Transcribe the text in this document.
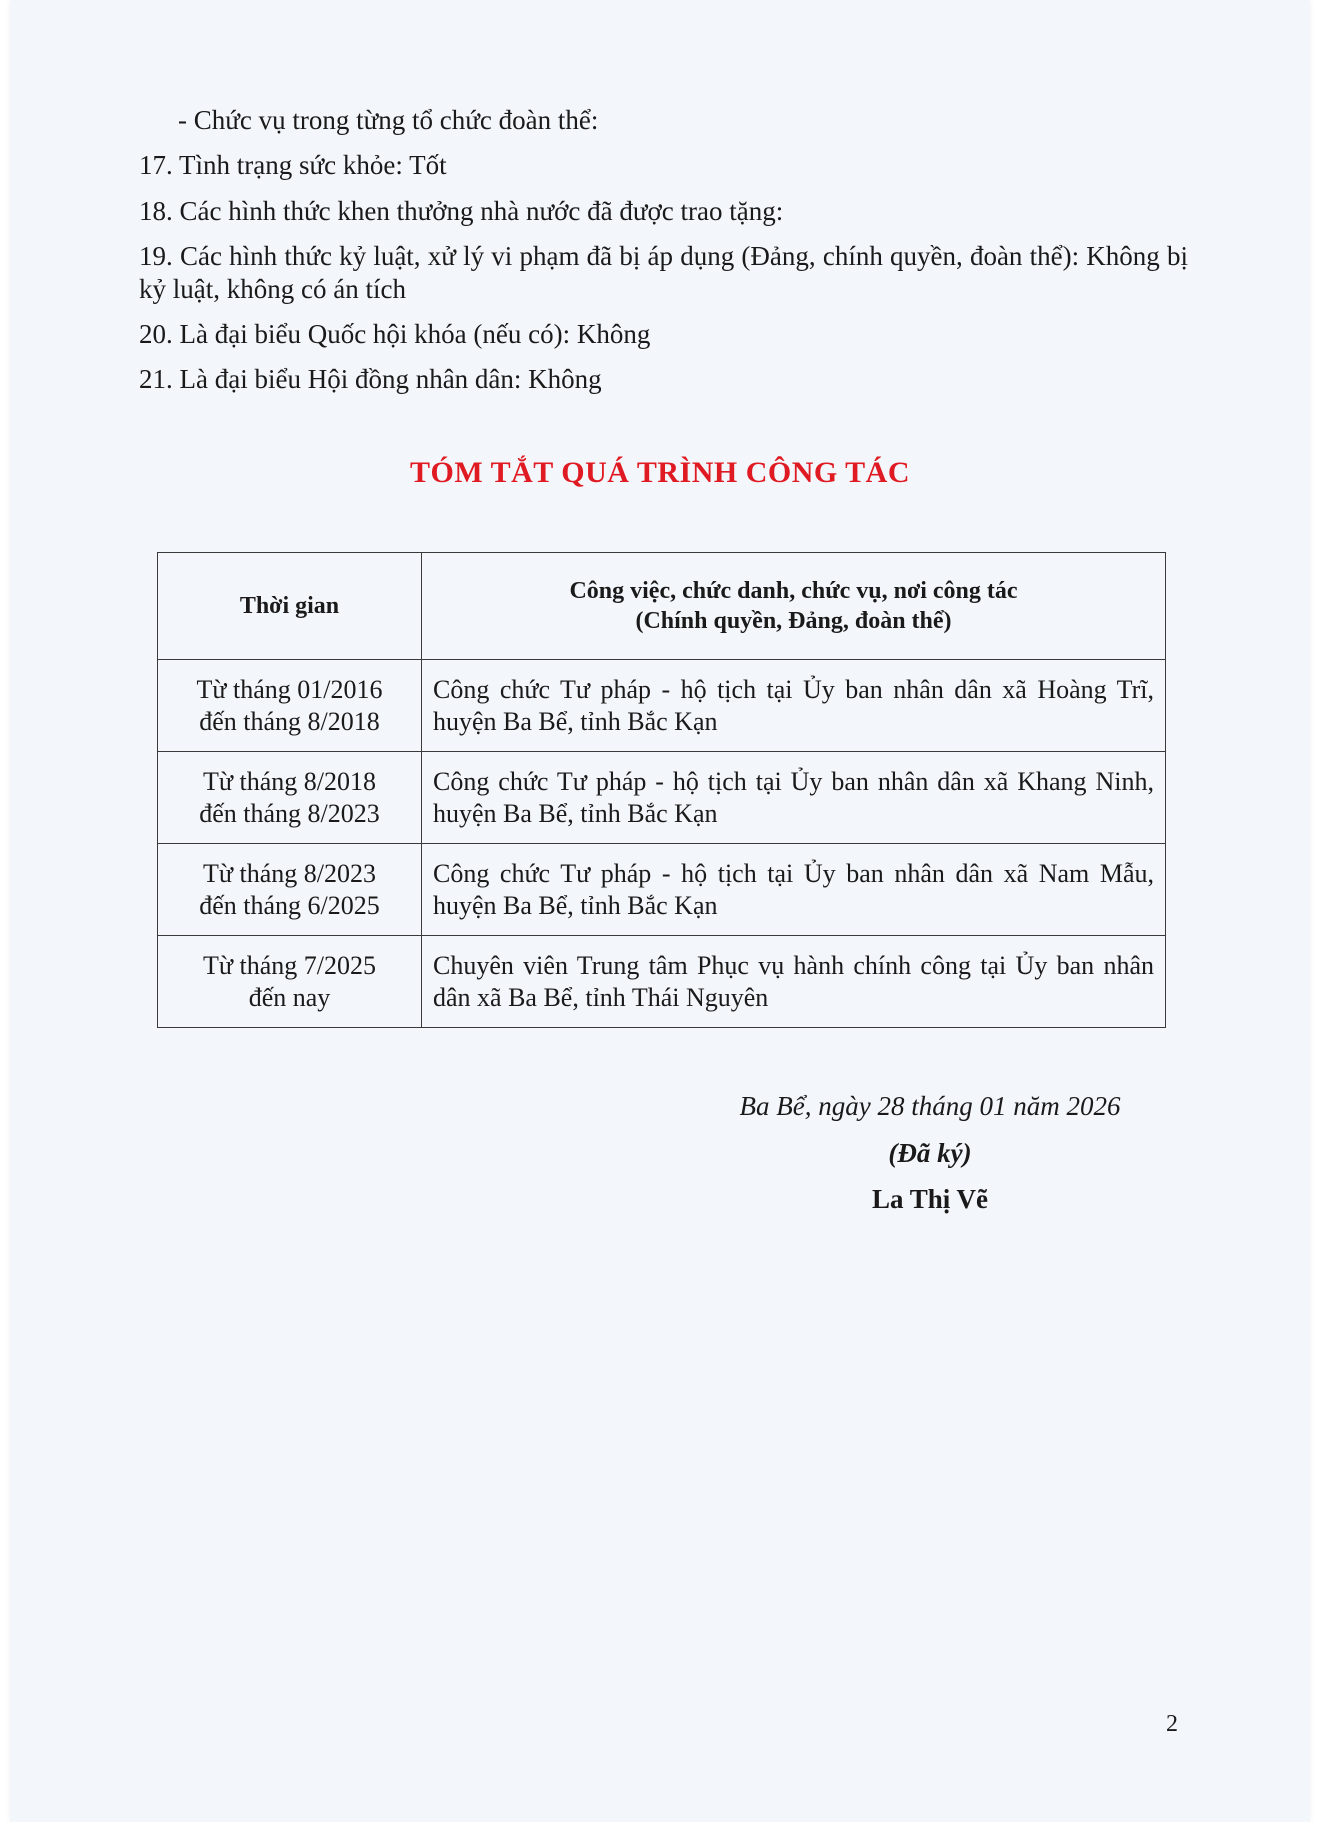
- Chức vụ trong từng tổ chức đoàn thể:

17. Tình trạng sức khỏe: Tốt

18. Các hình thức khen thưởng nhà nước đã được trao tặng:

19. Các hình thức kỷ luật, xử lý vi phạm đã bị áp dụng (Đảng, chính quyền, đoàn thể): Không bị kỷ luật, không có án tích

20. Là đại biểu Quốc hội khóa (nếu có): Không

21. Là đại biểu Hội đồng nhân dân: Không

TÓM TẮT QUÁ TRÌNH CÔNG TÁC
Thời gian	Công việc, chức danh, chức vụ, nơi công tác
(Chính quyền, Đảng, đoàn thể)

Từ tháng 01/2016
đến tháng 8/2018	Công chức Tư pháp - hộ tịch tại Ủy ban nhân dân xã Hoàng Trĩ, huyện Ba Bể, tỉnh Bắc Kạn

Từ tháng 8/2018
đến tháng 8/2023	Công chức Tư pháp - hộ tịch tại Ủy ban nhân dân xã Khang Ninh, huyện Ba Bể, tỉnh Bắc Kạn

Từ tháng 8/2023
đến tháng 6/2025	Công chức Tư pháp - hộ tịch tại Ủy ban nhân dân xã Nam Mẫu, huyện Ba Bể, tỉnh Bắc Kạn

Từ tháng 7/2025
đến nay	Chuyên viên Trung tâm Phục vụ hành chính công tại Ủy ban nhân dân xã Ba Bể, tỉnh Thái Nguyên

Ba Bể, ngày 28 tháng 01 năm 2026

(Đã ký)

La Thị Vẽ

2
